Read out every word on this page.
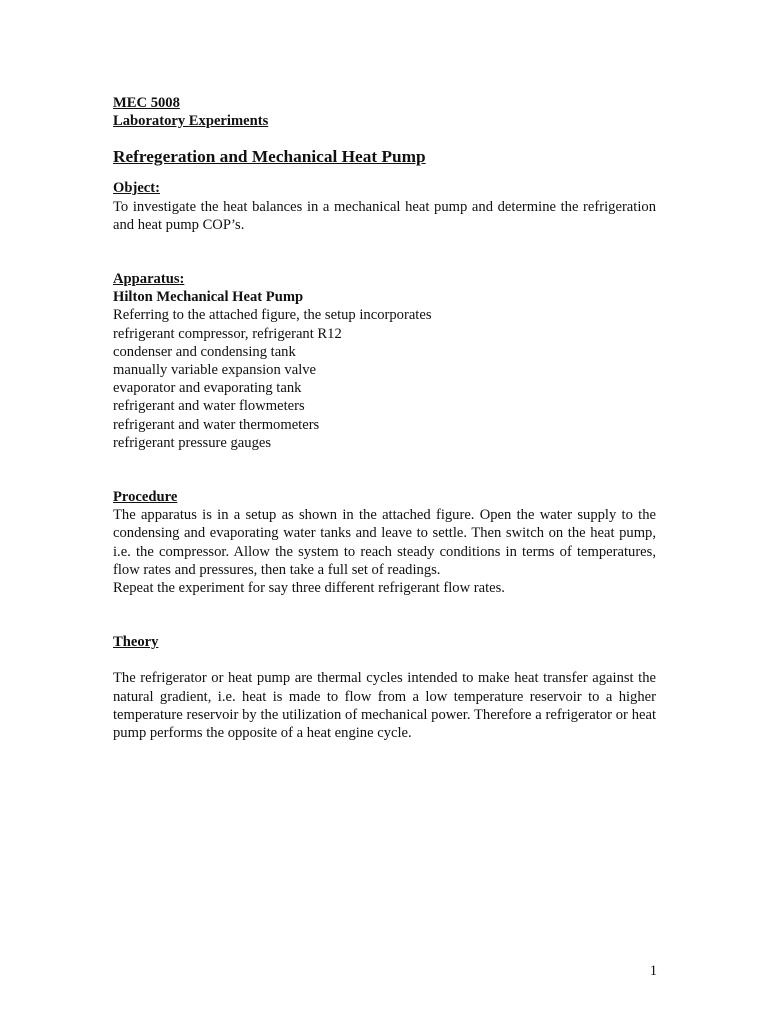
MEC 5008
Laboratory Experiments
Refregeration and Mechanical Heat Pump
Object:
To investigate the heat balances in a mechanical heat pump and determine the refrigeration and heat pump COP’s.
Apparatus:
Hilton Mechanical Heat Pump
Referring to the attached figure, the setup incorporates
refrigerant compressor, refrigerant R12
condenser and condensing tank
manually variable expansion valve
evaporator and evaporating tank
refrigerant and water flowmeters
refrigerant and water thermometers
refrigerant pressure gauges
Procedure
The apparatus is in a setup as shown in the attached figure. Open the water supply to the condensing and evaporating water tanks and leave to settle. Then switch on the heat pump, i.e. the compressor. Allow the system to reach steady conditions in terms of temperatures, flow rates and pressures, then take a full set of readings.
Repeat the experiment for say three different refrigerant flow rates.
Theory
The refrigerator or heat pump are thermal cycles intended to make heat transfer against the natural gradient, i.e. heat is made to flow from a low temperature reservoir to a higher temperature reservoir by the utilization of mechanical power. Therefore a refrigerator or heat pump performs the opposite of a heat engine cycle.
1
